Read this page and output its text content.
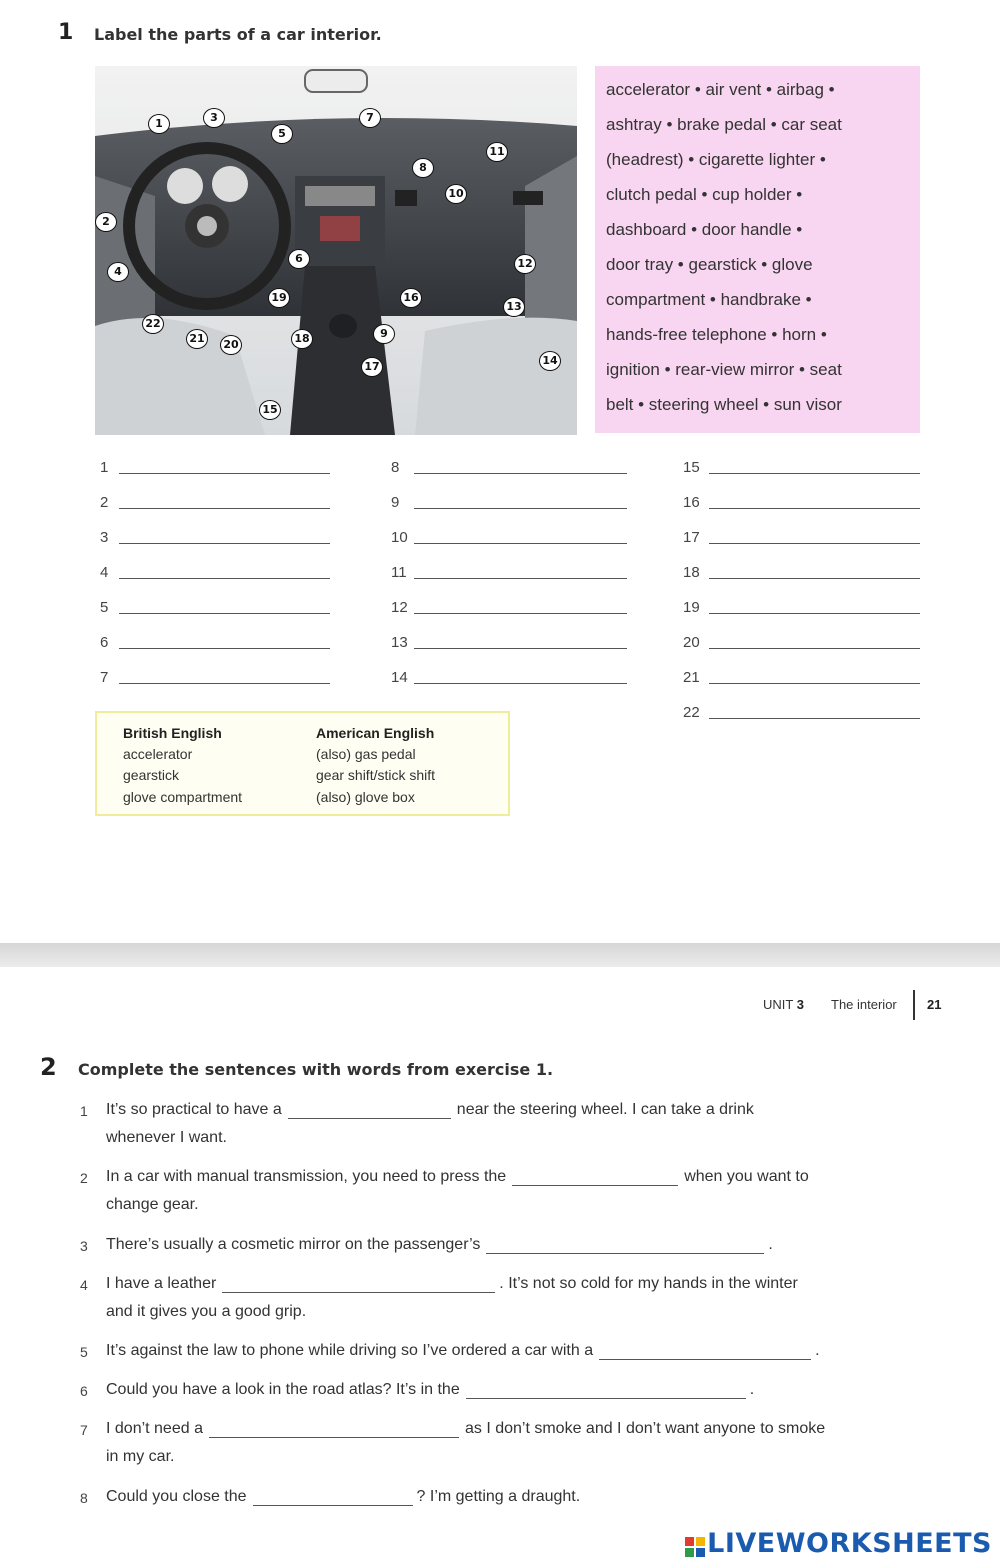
1 Label the parts of a car interior.
1
2
3
4
5
6
7
8
9
10
11
12
13
14
15
16
17
18
19
20
21
22
accelerator • air vent • airbag •
ashtray • brake pedal • car seat
(headrest) • cigarette lighter •
clutch pedal • cup holder •
dashboard • door handle •
door tray • gearstick • glove
compartment • handbrake •
hands-free telephone • horn •
ignition • rear-view mirror • seat
belt • steering wheel • sun visor
1
2
3
4
5
6
7
8
9
10
11
12
13
14
15
16
17
18
19
20
21
22
British English	American English
accelerator	(also) gas pedal
gearstick	gear shift/stick shift
glove compartment	(also) glove box
UNIT 3 The interior 21
2 Complete the sentences with words from exercise 1.
1 It’s so practical to have a	near the steering wheel. I can take a drink
whenever I want.
2 In a car with manual transmission, you need to press the	when you want to
change gear.
3 There’s usually a cosmetic mirror on the passenger’s	.
4 I have a leather	. It’s not so cold for my hands in the winter
and it gives you a good grip.
5 It’s against the law to phone while driving so I’ve ordered a car with a	.
6 Could you have a look in the road atlas? It’s in the	.
7 I don’t need a	as I don’t smoke and I don’t want anyone to smoke
in my car.
8 Could you close the	? I’m getting a draught.
LIVEWORKSHEETS
